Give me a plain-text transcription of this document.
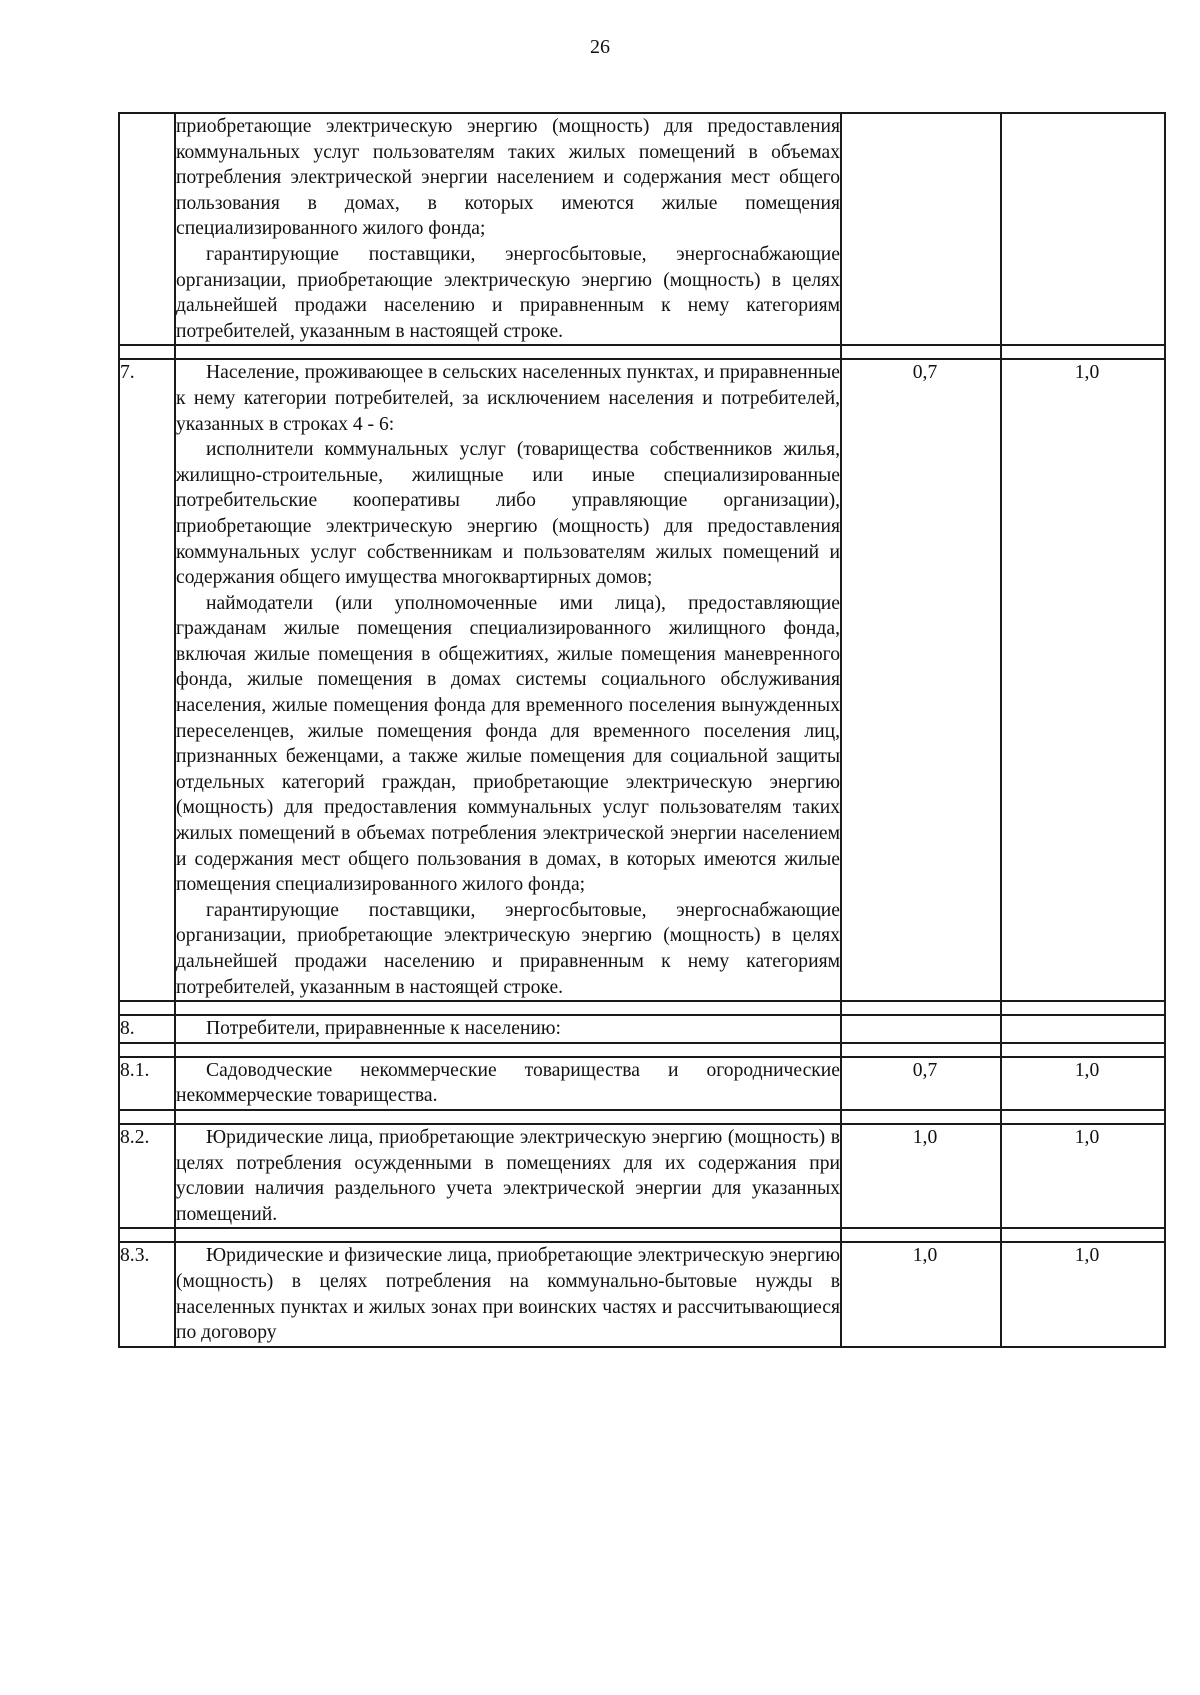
26

	приобретающие электрическую энергию (мощность) для предоставления коммунальных услуг пользователям таких жилых помещений в объемах потребления электрической энергии населением и содержания мест общего пользования в домах, в которых имеются жилые помещения специализированного жилого фонда;
гарантирующие поставщики, энергосбытовые, энергоснабжающие организации, приобретающие электрическую энергию (мощность) в целях дальнейшей продажи населению и приравненным к нему категориям потребителей, указанным в настоящей строке.		

7.	Население, проживающее в сельских населенных пунктах, и приравненные к нему категории потребителей, за исключением населения и потребителей, указанных в строках 4 - 6:
исполнители коммунальных услуг (товарищества собственников жилья, жилищно-строительные, жилищные или иные специализированные потребительские кооперативы либо управляющие организации), приобретающие электрическую энергию (мощность) для предоставления коммунальных услуг собственникам и пользователям жилых помещений и содержания общего имущества многоквартирных домов;
наймодатели (или уполномоченные ими лица), предоставляющие гражданам жилые помещения специализированного жилищного фонда, включая жилые помещения в общежитиях, жилые помещения маневренного фонда, жилые помещения в домах системы социального обслуживания населения, жилые помещения фонда для временного поселения вынужденных переселенцев, жилые помещения фонда для временного поселения лиц, признанных беженцами, а также жилые помещения для социальной защиты отдельных категорий граждан, приобретающие электрическую энергию (мощность) для предоставления коммунальных услуг пользователям таких жилых помещений в объемах потребления электрической энергии населением и содержания мест общего пользования в домах, в которых имеются жилые помещения специализированного жилого фонда;
гарантирующие поставщики, энергосбытовые, энергоснабжающие организации, приобретающие электрическую энергию (мощность) в целях дальнейшей продажи населению и приравненным к нему категориям потребителей, указанным в настоящей строке.	0,7	1,0

8.	Потребители, приравненные к населению:		

8.1.	Садоводческие некоммерческие товарищества и огороднические некоммерческие товарищества.	0,7	1,0

8.2.	Юридические лица, приобретающие электрическую энергию (мощность) в целях потребления осужденными в помещениях для их содержания при условии наличия раздельного учета электрической энергии для указанных помещений.	1,0	1,0

8.3.	Юридические и физические лица, приобретающие электрическую энергию (мощность) в целях потребления на коммунально-бытовые нужды в населенных пунктах и жилых зонах при воинских частях и рассчитывающиеся по договору	1,0	1,0
